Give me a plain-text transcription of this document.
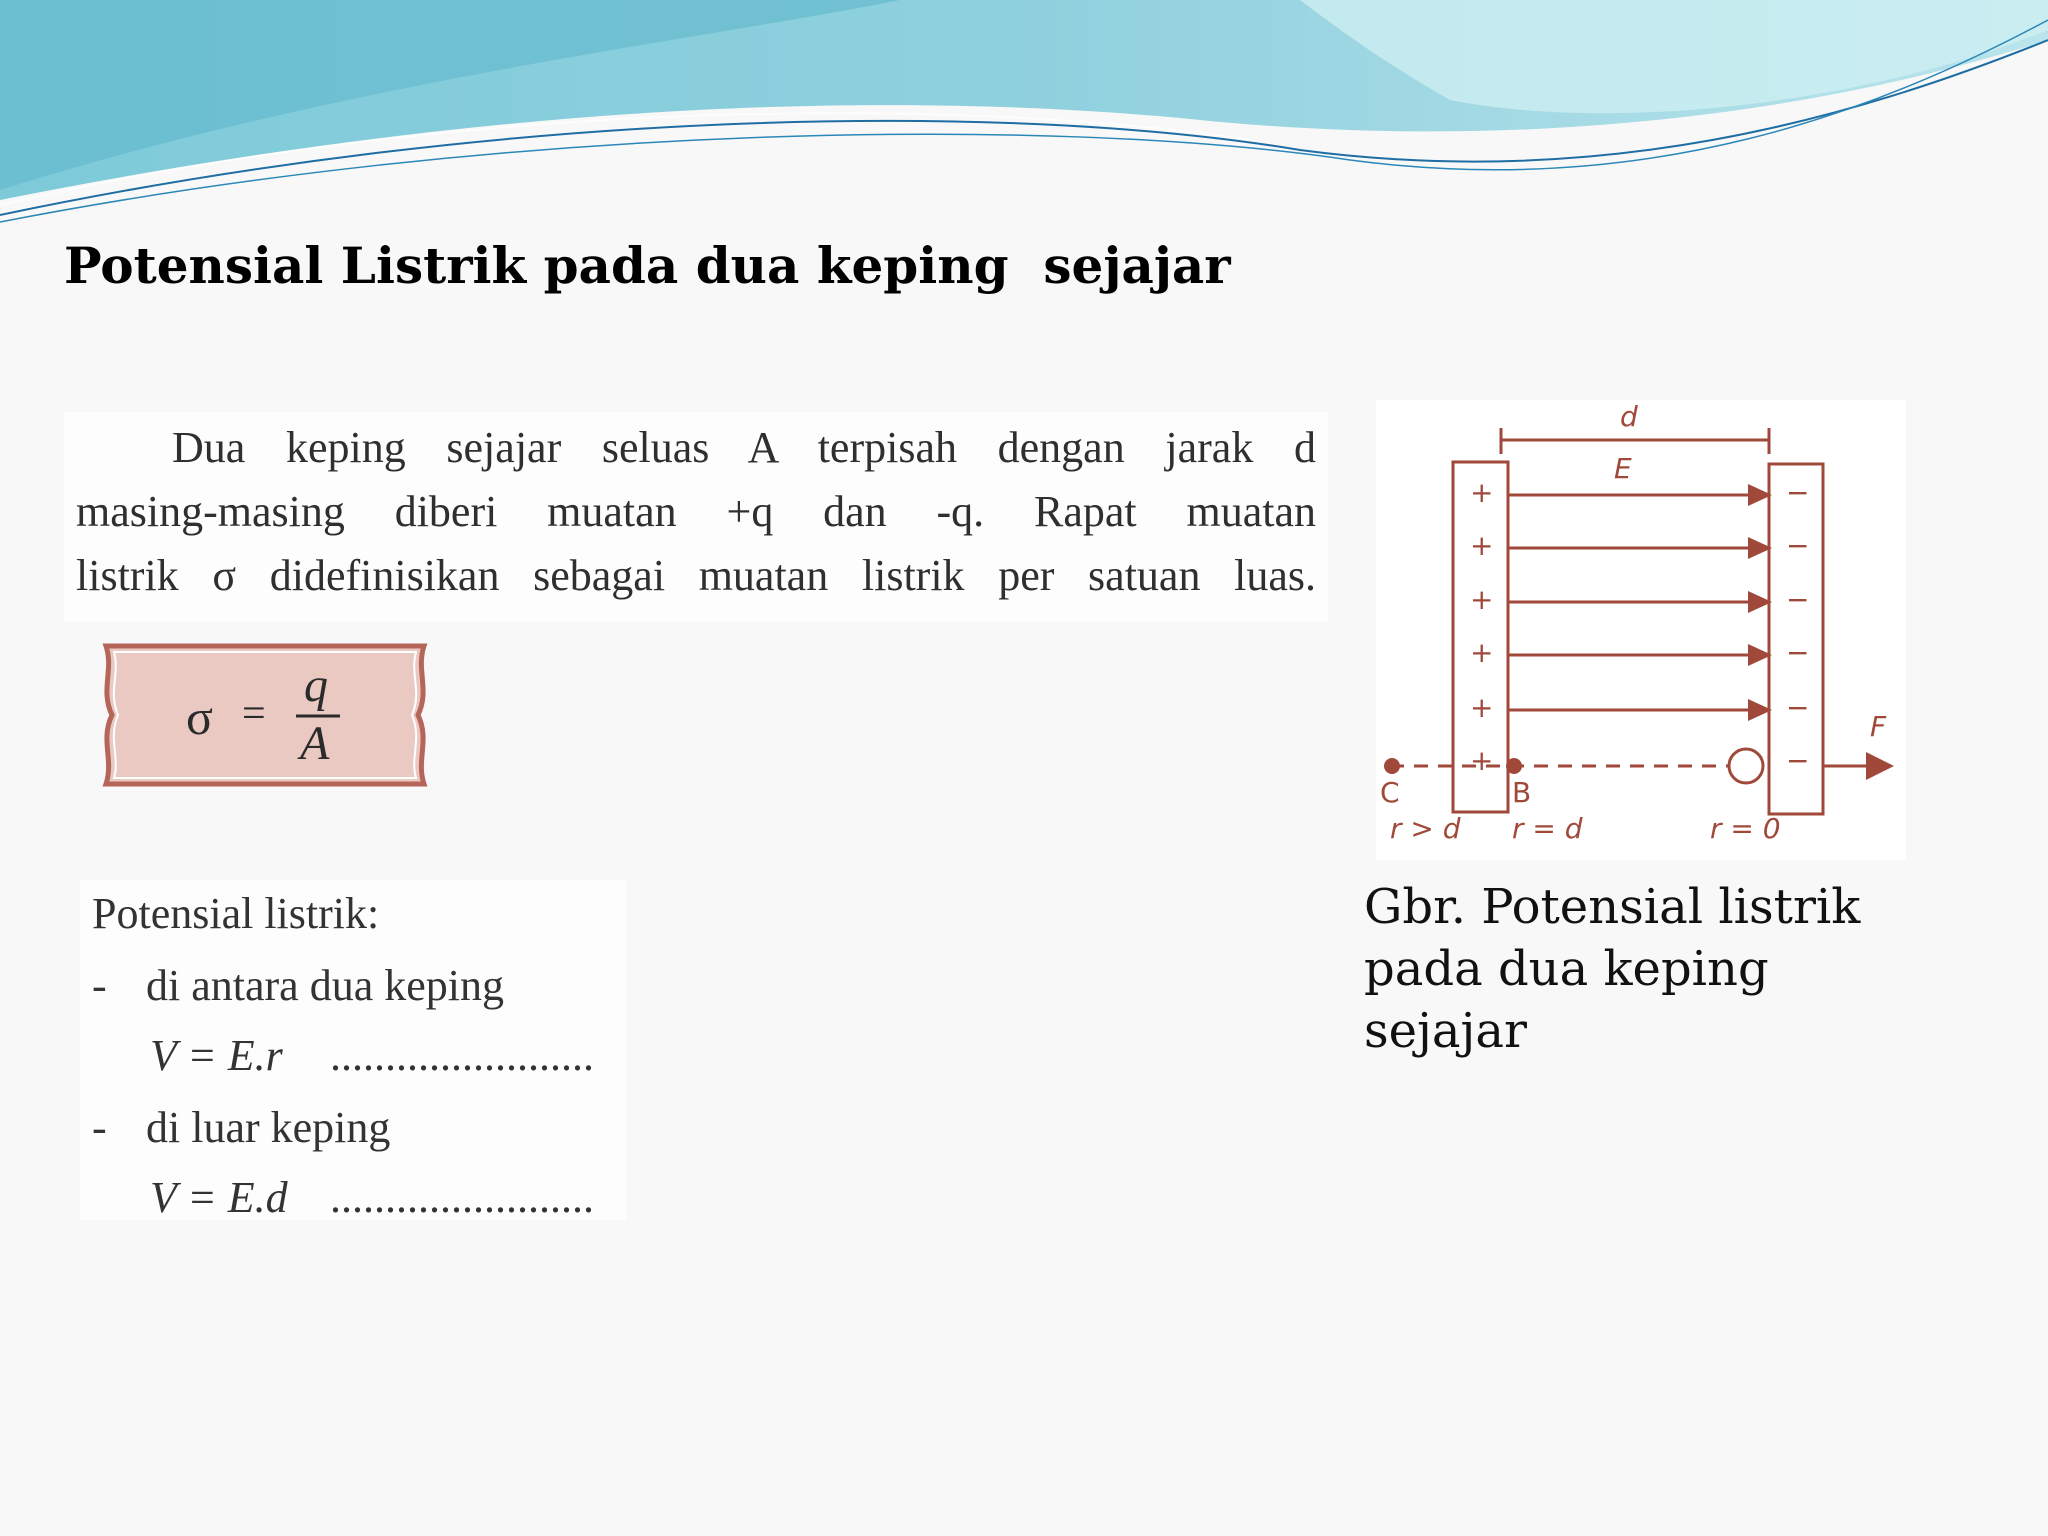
Potensial Listrik pada dua keping  sejajar
Dua keping sejajar seluas A terpisah dengan jarak d
masing-masing diberi muatan +q dan -q. Rapat muatan
listrik σ didefinisikan sebagai muatan listrik per satuan luas.
σ =
q
A
Potensial listrik:
- di antara dua keping
V = E.r ........................
- di luar keping
V = E.d ........................
d
E
F
+
+
+
+
+
+
−
−
−
−
−
−
C	B
r > d r = d	r = 0
Gbr. Potensial listrik pada dua keping sejajar
